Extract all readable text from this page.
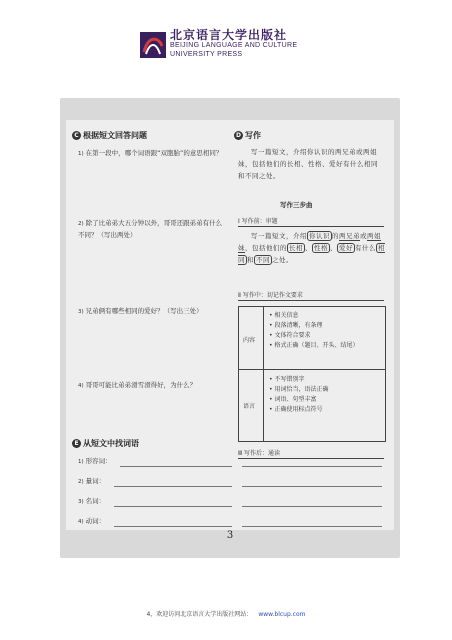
北京语言大学出版社
BEIJING LANGUAGE AND CULTURE
UNIVERSITY PRESS
C 根据短文回答问题
1) 在第一段中，哪个词语跟“双胞胎”的意思相同？
2) 除了比弟弟大五分钟以外，哥哥还跟弟弟有什么不同？（写出两处）
3) 兄弟俩有哪些相同的爱好？（写出三处）
4) 哥哥可能比弟弟滑雪滑得好，为什么？
E 从短文中找词语
1) 形容词：
2) 量词：
3) 名词：
4) 动词：
D 写作
写一篇短文，介绍你认识的两兄弟或两姐妹，包括他们的长相、性格、爱好有什么相同和不同之处。
写作三步曲
Ⅰ 写作前：审题
写一篇短文，介绍 你认识 的两兄弟或两姐妹，包括他们的 长相 、 性格 、 爱好 有什么 相同 和 不同 之处。
Ⅱ 写作中：切记作文要求
内容
• 相关信息
• 段落清晰，有条理
• 文体符合要求
• 格式正确（题目、开头、结尾）
语言
• 不写错别字
• 用词恰当，语法正确
• 词语、句型丰富
• 正确使用标点符号
Ⅲ 写作后：通读
3
4，欢迎访问北京语言大学出版社网站： www.blcup.com
